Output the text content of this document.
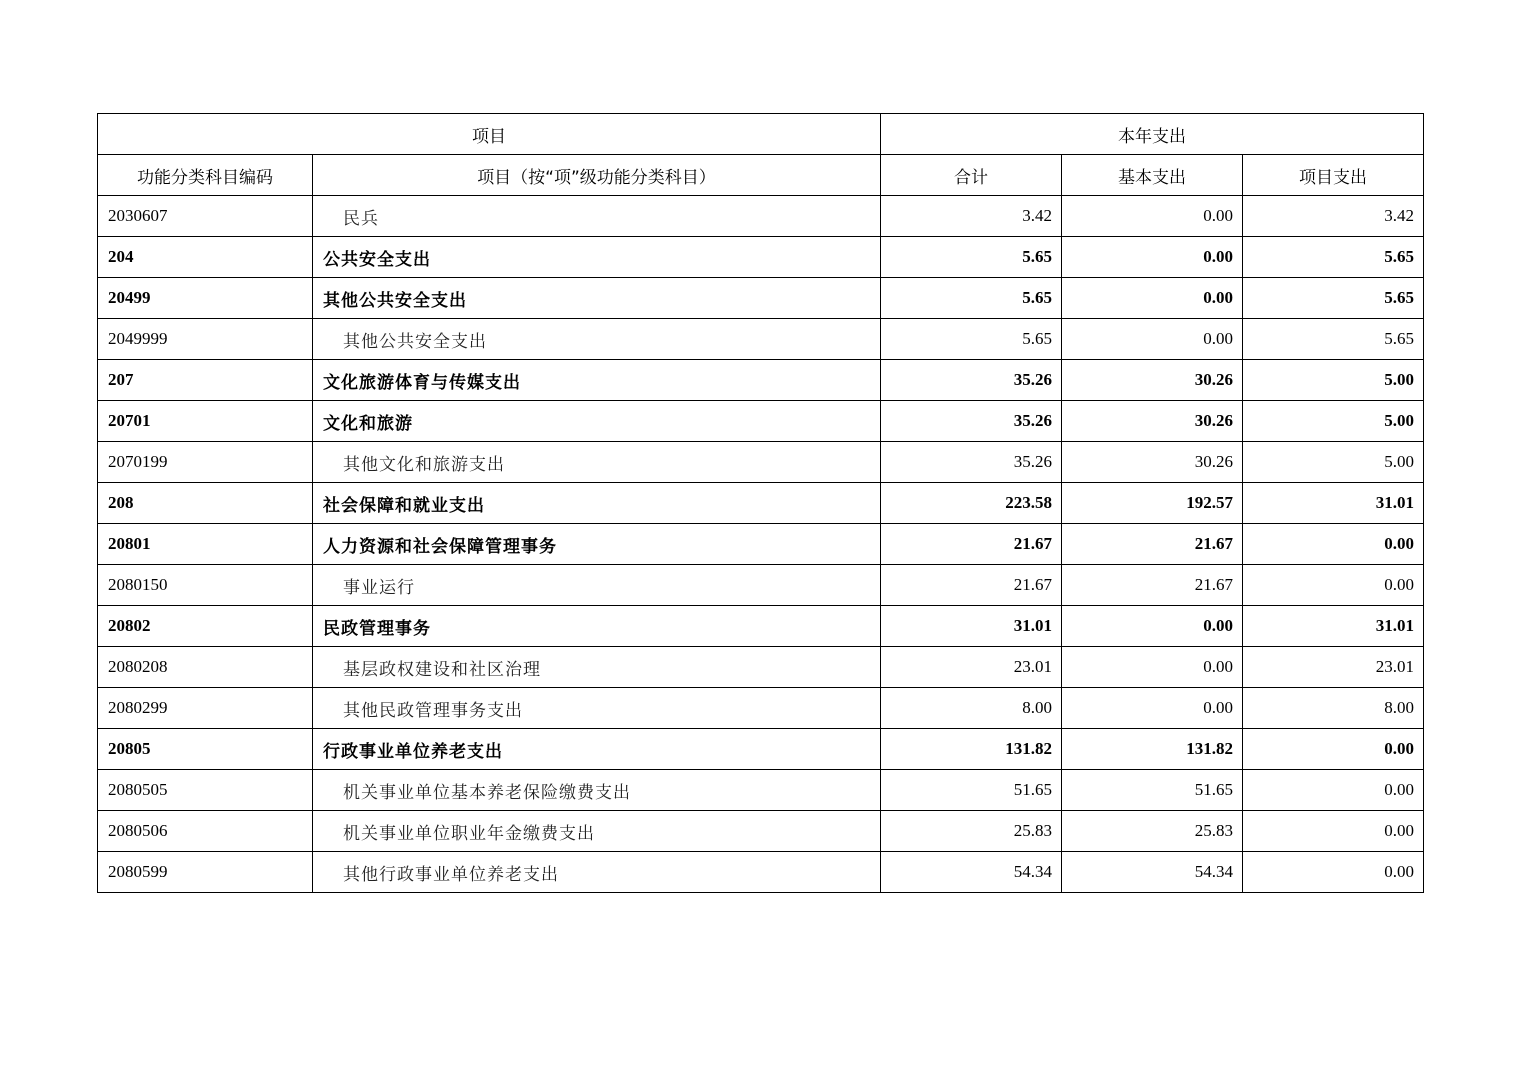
项目		本年支出		
功能分类科目编码	项目（按“项”级功能分类科目）	合计	基本支出	项目支出
2030607	民兵	3.42	0.00	3.42
204	公共安全支出	5.65	0.00	5.65
20499	其他公共安全支出	5.65	0.00	5.65
2049999	其他公共安全支出	5.65	0.00	5.65
207	文化旅游体育与传媒支出	35.26	30.26	5.00
20701	文化和旅游	35.26	30.26	5.00
2070199	其他文化和旅游支出	35.26	30.26	5.00
208	社会保障和就业支出	223.58	192.57	31.01
20801	人力资源和社会保障管理事务	21.67	21.67	0.00
2080150	事业运行	21.67	21.67	0.00
20802	民政管理事务	31.01	0.00	31.01
2080208	基层政权建设和社区治理	23.01	0.00	23.01
2080299	其他民政管理事务支出	8.00	0.00	8.00
20805	行政事业单位养老支出	131.82	131.82	0.00
2080505	机关事业单位基本养老保险缴费支出	51.65	51.65	0.00
2080506	机关事业单位职业年金缴费支出	25.83	25.83	0.00
2080599	其他行政事业单位养老支出	54.34	54.34	0.00
